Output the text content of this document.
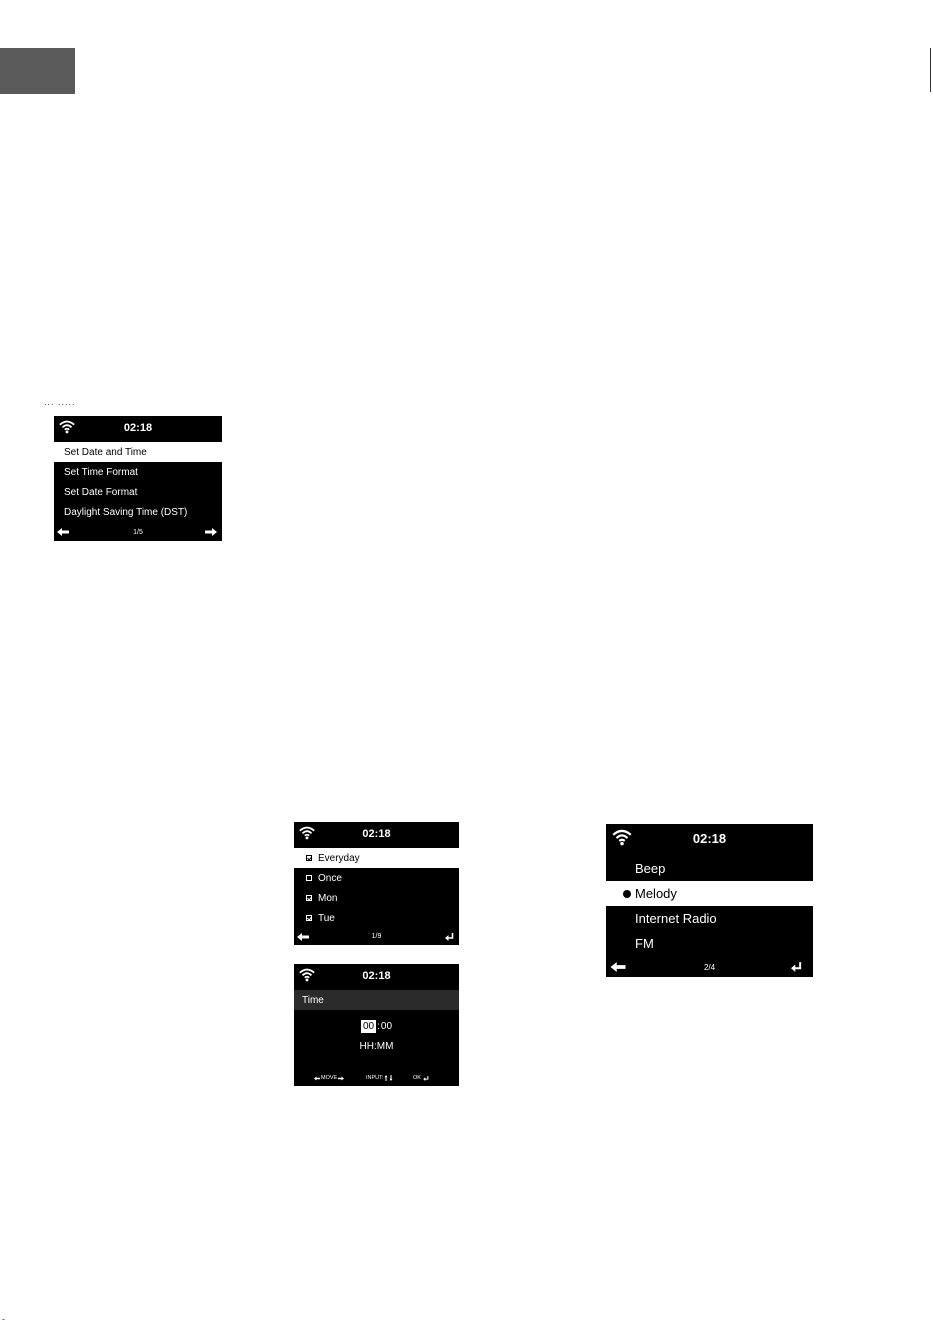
... .....
-
02:18
Set Date and Time
Set Time Format
Set Date Format
Daylight Saving Time (DST)
1/5
02:18
Everyday
Once
Mon
Tue
1/9
02:18
Time
00 : 00
HH:MM
MOVE	INPUT:	OK
02:18
Beep
Melody
Internet Radio
FM
2/4
